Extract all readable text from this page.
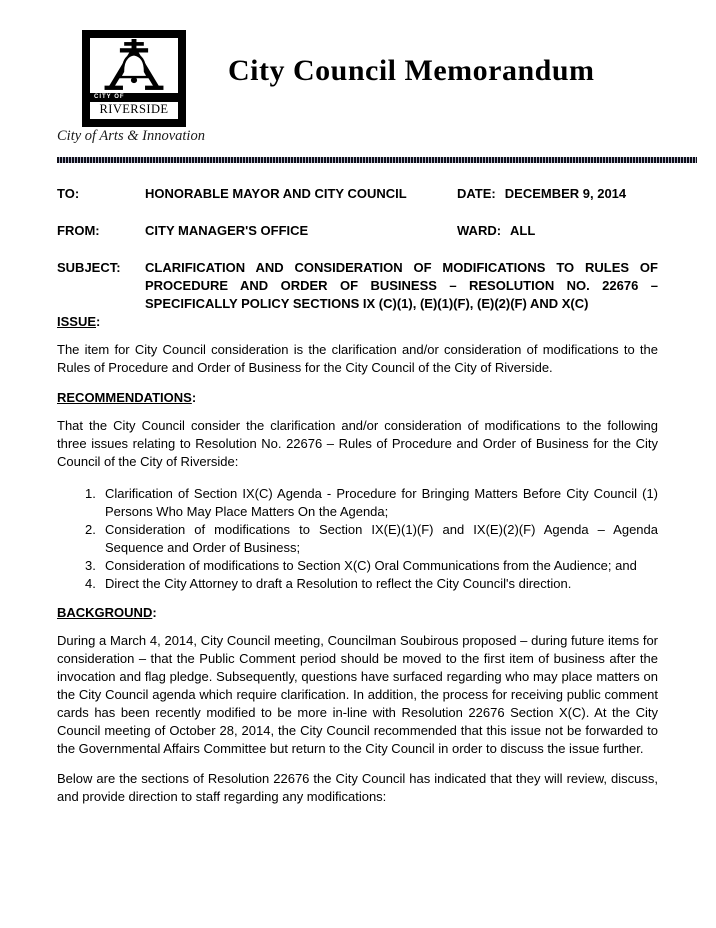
CITY OF
RIVERSIDE
City of Arts & Innovation
City Council Memorandum
TO:	HONORABLE MAYOR AND CITY COUNCIL	DATE: DECEMBER 9, 2014
FROM:	CITY MANAGER'S OFFICE	WARD: ALL
SUBJECT:	CLARIFICATION AND CONSIDERATION OF MODIFICATIONS TO RULES OF PROCEDURE AND ORDER OF BUSINESS – RESOLUTION NO. 22676 – SPECIFICALLY POLICY SECTIONS IX (C)(1), (E)(1)(F), (E)(2)(F) AND X(C)
ISSUE:

The item for City Council consideration is the clarification and/or consideration of modifications to the Rules of Procedure and Order of Business for the City Council of the City of Riverside.

RECOMMENDATIONS:

That the City Council consider the clarification and/or consideration of modifications to the following three issues relating to Resolution No. 22676 – Rules of Procedure and Order of Business for the City Council of the City of Riverside:

1. Clarification of Section IX(C) Agenda - Procedure for Bringing Matters Before City Council (1) Persons Who May Place Matters On the Agenda;
2. Consideration of modifications to Section IX(E)(1)(F) and IX(E)(2)(F) Agenda – Agenda Sequence and Order of Business;
3. Consideration of modifications to Section X(C) Oral Communications from the Audience; and
4. Direct the City Attorney to draft a Resolution to reflect the City Council's direction.
BACKGROUND:

During a March 4, 2014, City Council meeting, Councilman Soubirous proposed – during future items for consideration – that the Public Comment period should be moved to the first item of business after the invocation and flag pledge. Subsequently, questions have surfaced regarding who may place matters on the City Council agenda which require clarification. In addition, the process for receiving public comment cards has been recently modified to be more in-line with Resolution 22676 Section X(C). At the City Council meeting of October 28, 2014, the City Council recommended that this issue not be forwarded to the Governmental Affairs Committee but return to the City Council in order to discuss the issue further.

Below are the sections of Resolution 22676 the City Council has indicated that they will review, discuss, and provide direction to staff regarding any modifications:
